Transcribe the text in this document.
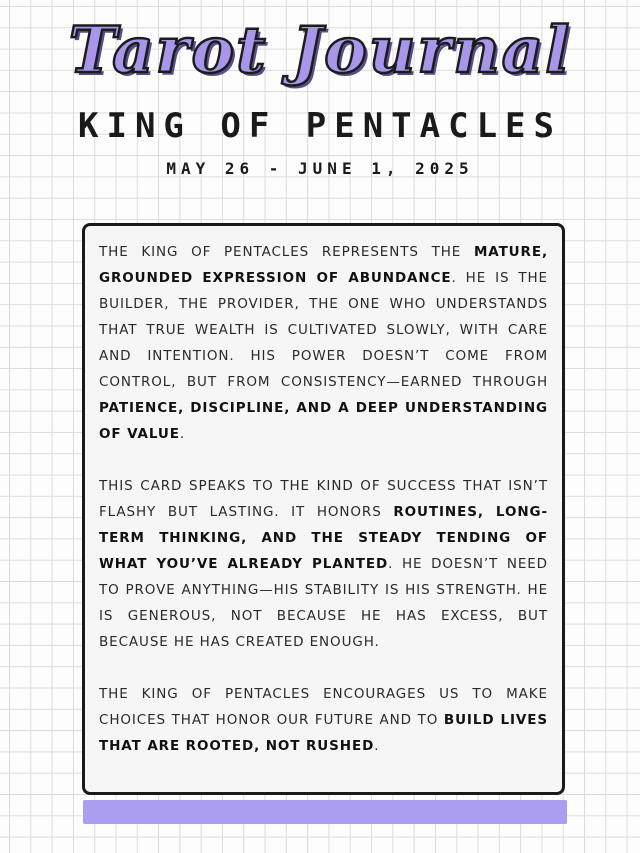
Tarot Journal
KING OF PENTACLES
MAY 26 - JUNE 1, 2025

THE KING OF PENTACLES REPRESENTS THE MATURE, GROUNDED EXPRESSION OF ABUNDANCE. HE IS THE BUILDER, THE PROVIDER, THE ONE WHO UNDERSTANDS THAT TRUE WEALTH IS CULTIVATED SLOWLY, WITH CARE AND INTENTION. HIS POWER DOESN’T COME FROM CONTROL, BUT FROM CONSISTENCY—EARNED THROUGH PATIENCE, DISCIPLINE, AND A DEEP UNDERSTANDING OF VALUE.

THIS CARD SPEAKS TO THE KIND OF SUCCESS THAT ISN’T FLASHY BUT LASTING. IT HONORS ROUTINES, LONG-TERM THINKING, AND THE STEADY TENDING OF WHAT YOU’VE ALREADY PLANTED. HE DOESN’T NEED TO PROVE ANYTHING—HIS STABILITY IS HIS STRENGTH. HE IS GENEROUS, NOT BECAUSE HE HAS EXCESS, BUT BECAUSE HE HAS CREATED ENOUGH.

THE KING OF PENTACLES ENCOURAGES US TO MAKE CHOICES THAT HONOR OUR FUTURE AND TO BUILD LIVES THAT ARE ROOTED, NOT RUSHED.
